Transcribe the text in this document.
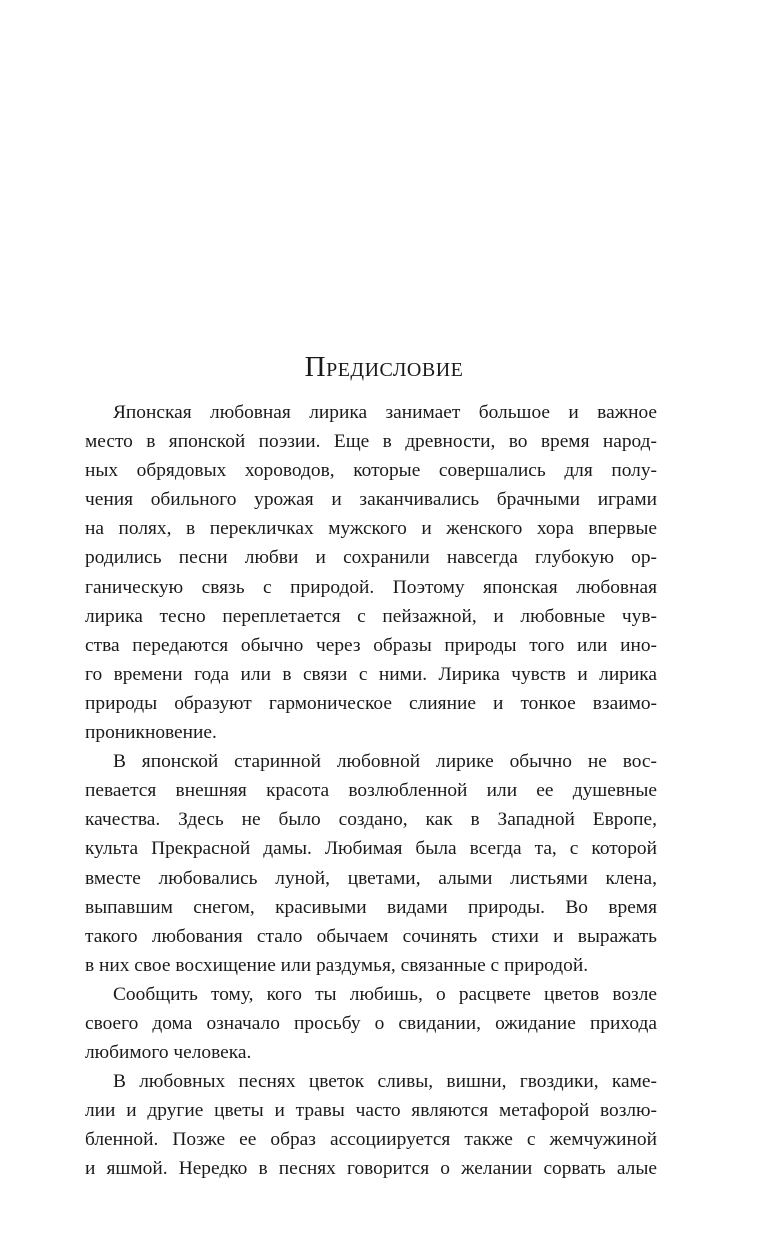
Предисловие
Японская любовная лирика занимает большое и важное
место в японской поэзии. Еще в древности, во время народ-
ных обрядовых хороводов, которые совершались для полу-
чения обильного урожая и заканчивались брачными играми
на полях, в перекличках мужского и женского хора впервые
родились песни любви и сохранили навсегда глубокую ор-
ганическую связь с природой. Поэтому японская любовная
лирика тесно переплетается с пейзажной, и любовные чув-
ства передаются обычно через образы природы того или ино-
го времени года или в связи с ними. Лирика чувств и лирика
природы образуют гармоническое слияние и тонкое взаимо-
проникновение.
В японской старинной любовной лирике обычно не вос-
певается внешняя красота возлюбленной или ее душевные
качества. Здесь не было создано, как в Западной Европе,
культа Прекрасной дамы. Любимая была всегда та, с которой
вместе любовались луной, цветами, алыми листьями клена,
выпавшим снегом, красивыми видами природы. Во время
такого любования стало обычаем сочинять стихи и выражать
в них свое восхищение или раздумья, связанные с природой.
Сообщить тому, кого ты любишь, о расцвете цветов возле
своего дома означало просьбу о свидании, ожидание прихода
любимого человека.
В любовных песнях цветок сливы, вишни, гвоздики, каме-
лии и другие цветы и травы часто являются метафорой возлю-
бленной. Позже ее образ ассоциируется также с жемчужиной
и яшмой. Нередко в песнях говорится о желании сорвать алые
